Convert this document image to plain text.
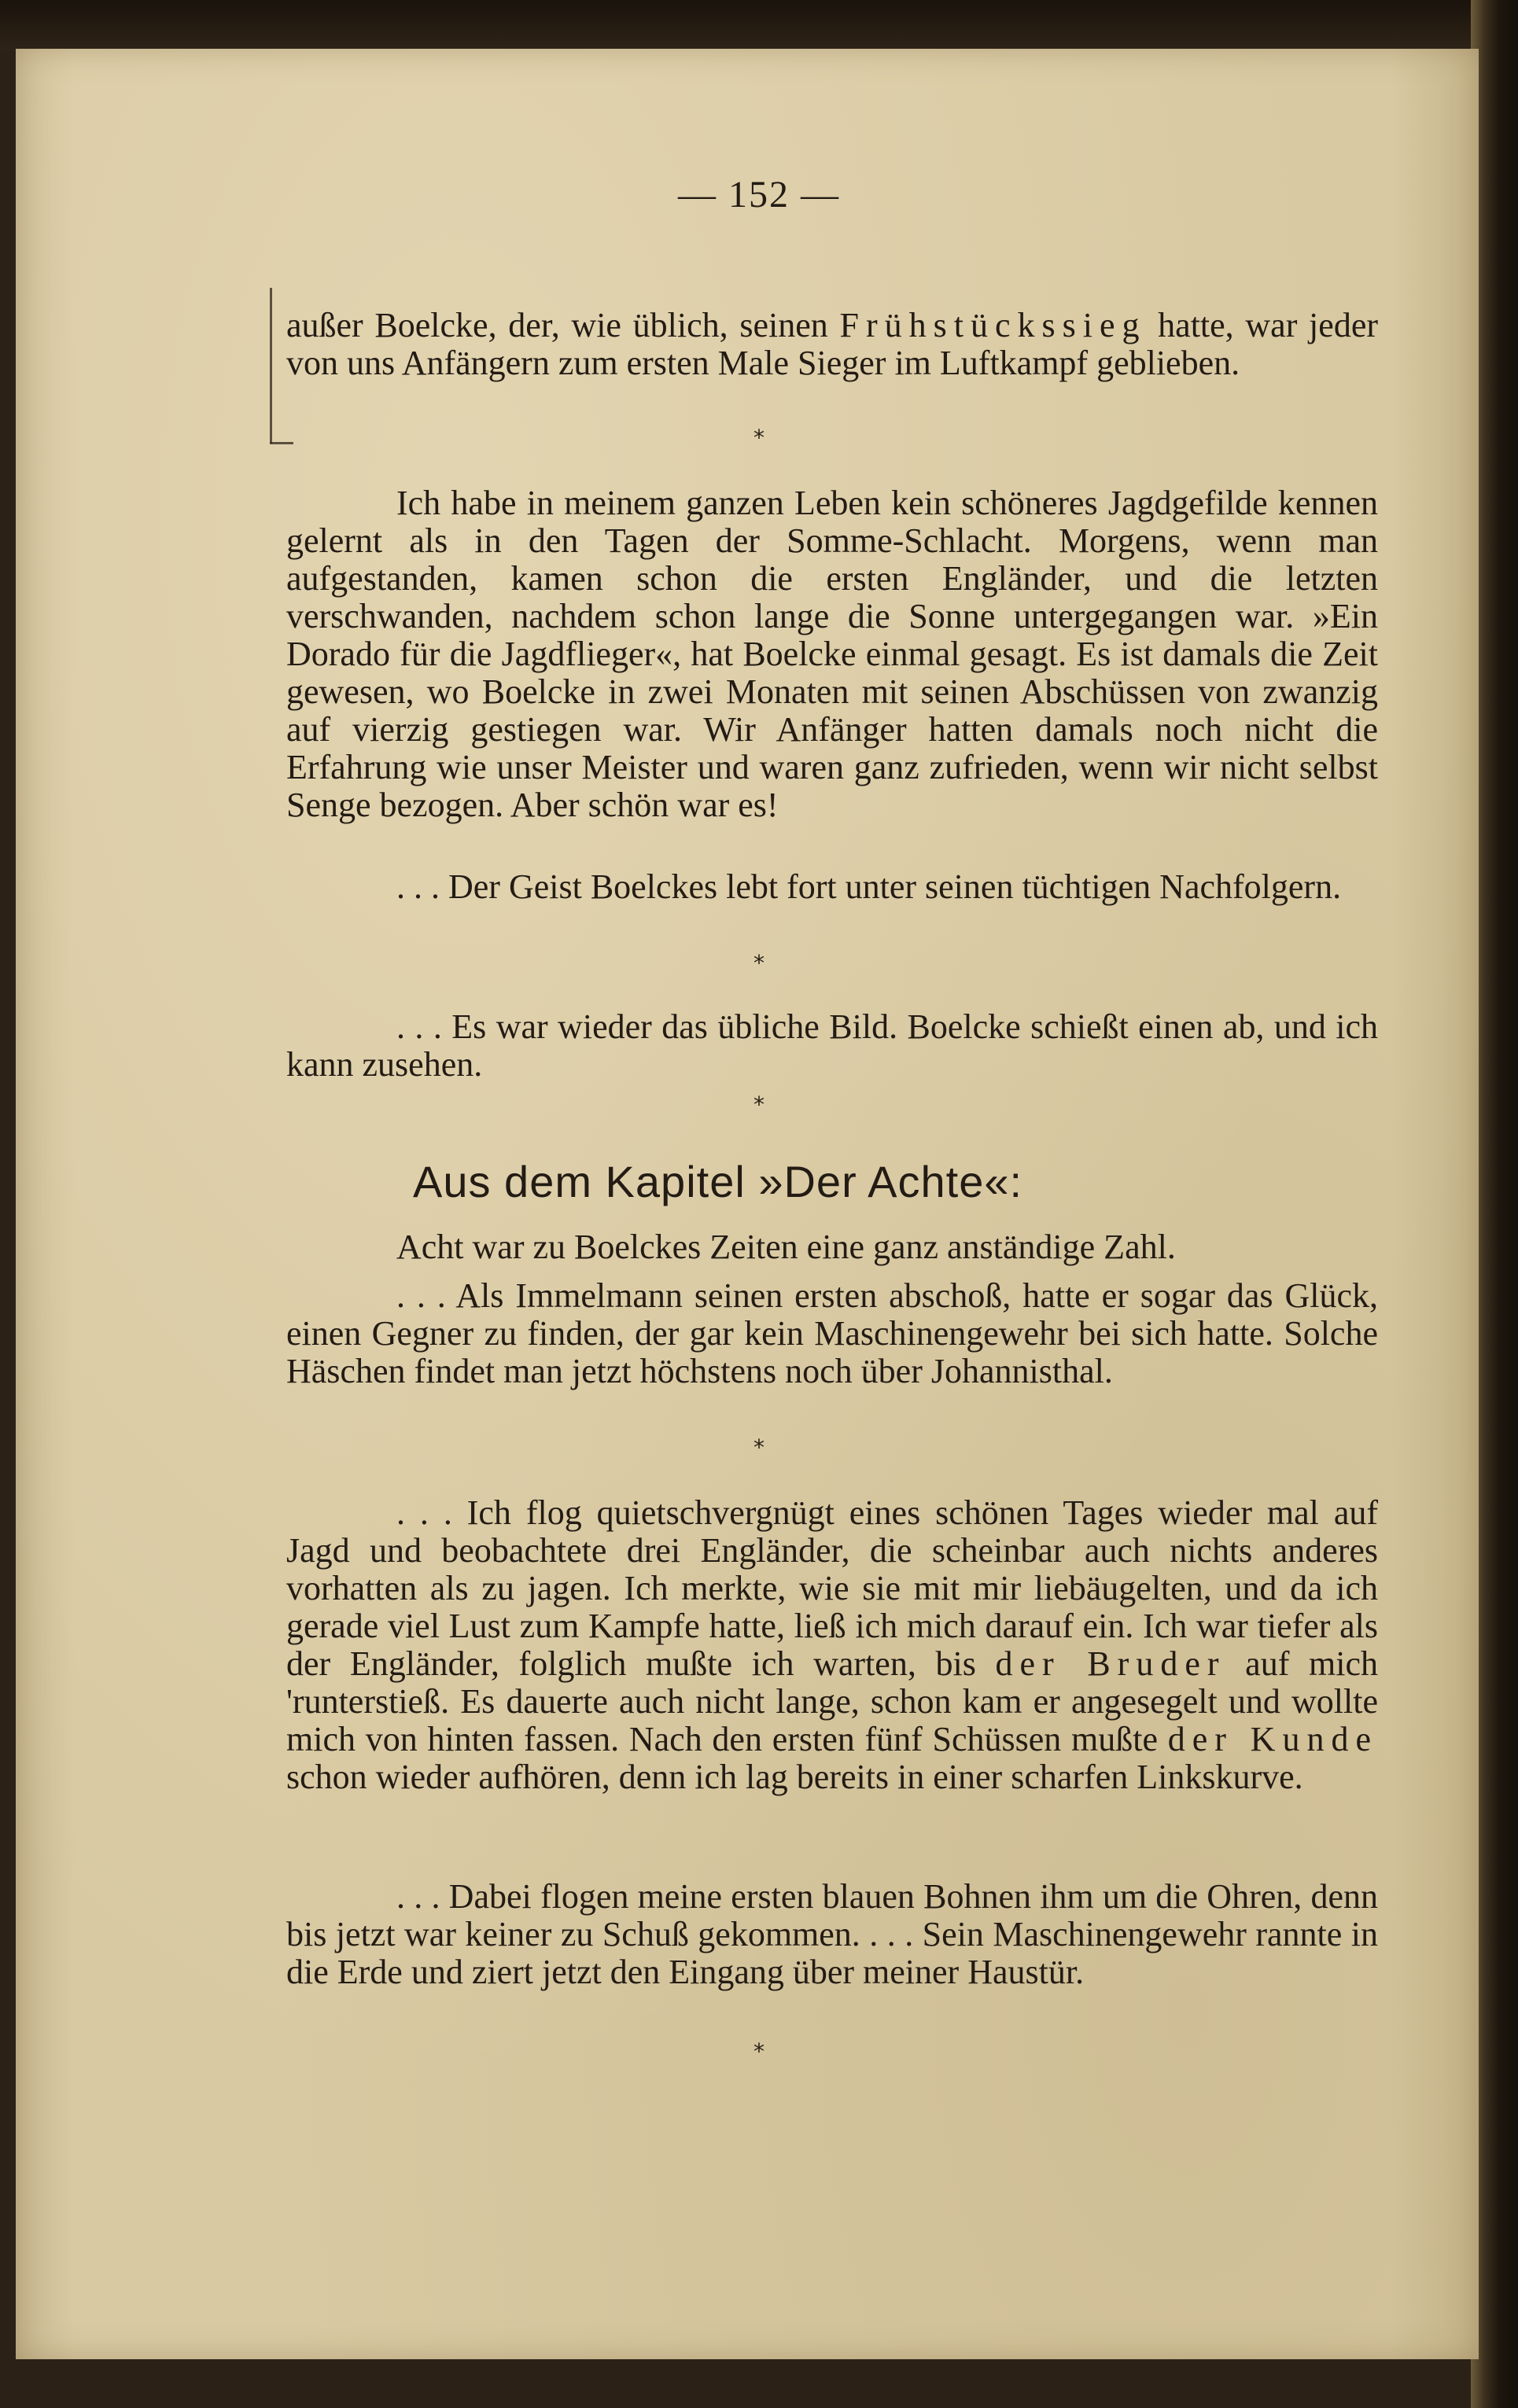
— 152 —

außer Boelcke, der, wie üblich, seinen Frühstückssieg hatte, war jeder von uns Anfängern zum ersten Male Sieger im Luftkampf geblieben.

Ich habe in meinem ganzen Leben kein schöneres Jagdgefilde kennen gelernt als in den Tagen der Somme-Schlacht. Morgens, wenn man aufgestanden, kamen schon die ersten Engländer, und die letzten verschwanden, nachdem schon lange die Sonne untergegangen war. »Ein Dorado für die Jagdflieger«, hat Boelcke einmal gesagt. Es ist damals die Zeit gewesen, wo Boelcke in zwei Monaten mit seinen Abschüssen von zwanzig auf vierzig gestiegen war. Wir Anfänger hatten damals noch nicht die Erfahrung wie unser Meister und waren ganz zufrieden, wenn wir nicht selbst Senge bezogen. Aber schön war es!

. . . Der Geist Boelckes lebt fort unter seinen tüchtigen Nachfolgern.

. . . Es war wieder das übliche Bild. Boelcke schießt einen ab, und ich kann zusehen.

Acht war zu Boelckes Zeiten eine ganz anständige Zahl.

. . . Als Immelmann seinen ersten abschoß, hatte er sogar das Glück, einen Gegner zu finden, der gar kein Maschinengewehr bei sich hatte. Solche Häschen findet man jetzt höchstens noch über Johannisthal.

. . . Ich flog quietschvergnügt eines schönen Tages wieder mal auf Jagd und beobachtete drei Engländer, die scheinbar auch nichts anderes vorhatten als zu jagen. Ich merkte, wie sie mit mir liebäugelten, und da ich gerade viel Lust zum Kampfe hatte, ließ ich mich darauf ein. Ich war tiefer als der Engländer, folglich mußte ich warten, bis der Bruder auf mich 'runterstieß. Es dauerte auch nicht lange, schon kam er angesegelt und wollte mich von hinten fassen. Nach den ersten fünf Schüssen mußte der Kunde schon wieder aufhören, denn ich lag bereits in einer scharfen Linkskurve.

. . . Dabei flogen meine ersten blauen Bohnen ihm um die Ohren, denn bis jetzt war keiner zu Schuß gekommen. . . . Sein Maschinengewehr rannte in die Erde und ziert jetzt den Eingang über meiner Haustür.

*
*
*
Aus dem Kapitel »Der Achte«:
*
*
